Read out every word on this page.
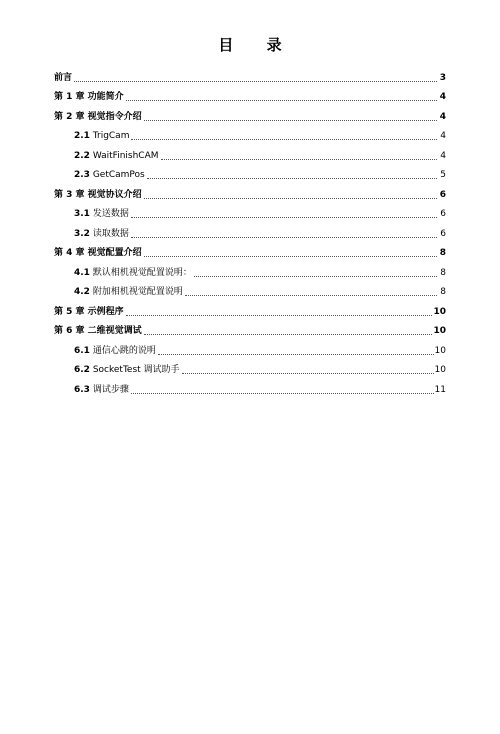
目 录
前言	3
第 1 章 功能简介	4
第 2 章 视觉指令介绍	4
2.1 TrigCam	4
2.2 WaitFinishCAM	4
2.3 GetCamPos	5
第 3 章 视觉协议介绍	6
3.1 发送数据	6
3.2 读取数据	6
第 4 章 视觉配置介绍	8
4.1 默认相机视觉配置说明：	8
4.2 附加相机视觉配置说明	8
第 5 章 示例程序	10
第 6 章 二维视觉调试	10
6.1 通信心跳的说明	10
6.2 SocketTest 调试助手	10
6.3 调试步骤	11
